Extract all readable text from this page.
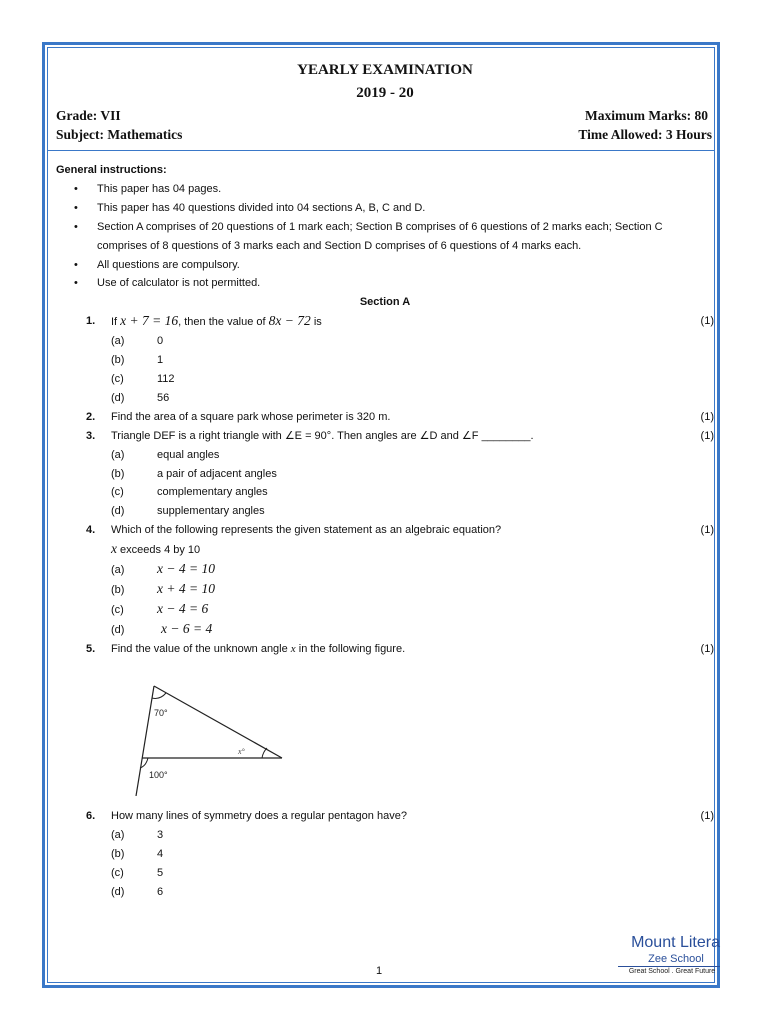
YEARLY EXAMINATION
2019 - 20
Grade: VII	Maximum Marks: 80
Subject: Mathematics	Time Allowed: 3 Hours
General instructions:
• This paper has 04 pages.
• This paper has 40 questions divided into 04 sections A, B, C and D.
• Section A comprises of 20 questions of 1 mark each; Section B comprises of 6 questions of 2 marks each; Section C comprises of 8 questions of 3 marks each and Section D comprises of 6 questions of 4 marks each.
• All questions are compulsory.
• Use of calculator is not permitted.
Section A
1. If x + 7 = 16, then the value of 8x − 72 is	(1)
(a)	0
(b)	1
(c)	112
(d)	56
2. Find the area of a square park whose perimeter is 320 m.	(1)
3. Triangle DEF is a right triangle with ∠E = 90°. Then angles are ∠D and ∠F ________.	(1)
(a)	equal angles
(b)	a pair of adjacent angles
(c)	complementary angles
(d)	supplementary angles
4. Which of the following represents the given statement as an algebraic equation?	(1)
x exceeds 4 by 10
(a) x − 4 = 10
(b) x + 4 = 10
(c) x − 4 = 6
(d)	x − 6 = 4
5. Find the value of the unknown angle x in the following figure.	(1)
70°
100°
x°
6. How many lines of symmetry does a regular pentagon have?	(1)
(a)	3
(b)	4
(c)	5
(d)	6
1
Mount Litera
Zee School
Great School . Great Future
